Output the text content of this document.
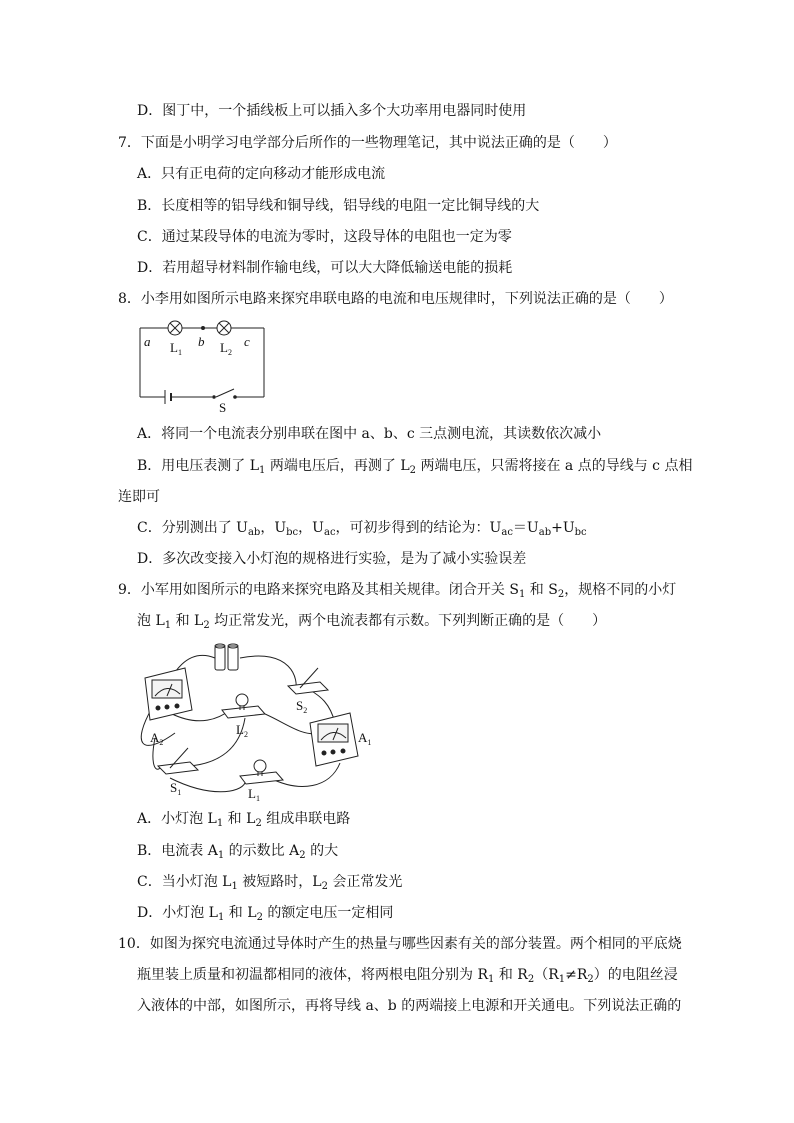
D．图丁中，一个插线板上可以插入多个大功率用电器同时使用
7．下面是小明学习电学部分后所作的一些物理笔记，其中说法正确的是（　　）
A．只有正电荷的定向移动才能形成电流
B．长度相等的铝导线和铜导线，铝导线的电阻一定比铜导线的大
C．通过某段导体的电流为零时，这段导体的电阻也一定为零
D．若用超导材料制作输电线，可以大大降低输送电能的损耗
8．小李用如图所示电路来探究串联电路的电流和电压规律时，下列说法正确的是（　　）
a $L_1$
b $L_2$
c
S
A．将同一个电流表分别串联在图中 a、b、c 三点测电流，其读数依次减小
B．用电压表测了 $L_1$ 两端电压后，再测了 $L_2$ 两端电压，只需将接在 a 点的导线与 c 点相
连即可
C．分别测出了 $U_{ab}$，$U_{bc}$，$U_{ac}$，可初步得到的结论为：$U_{ac}=U_{ab}+U_{bc}$
D．多次改变接入小灯泡的规格进行实验，是为了减小实验误差
9．小军用如图所示的电路来探究电路及其相关规律。闭合开关 $S_1$ 和 $S_2$，规格不同的小灯
泡 $L_1$ 和 $L_2$ 均正常发光，两个电流表都有示数。下列判断正确的是（　　）
$A_2$	$A_1$
$L_2$
$S_2$
$S_1$	$L_1$
A．小灯泡 $L_1$ 和 $L_2$ 组成串联电路
B．电流表 $A_1$ 的示数比 $A_2$ 的大
C．当小灯泡 $L_1$ 被短路时，$L_2$ 会正常发光
D．小灯泡 $L_1$ 和 $L_2$ 的额定电压一定相同
10．如图为探究电流通过导体时产生的热量与哪些因素有关的部分装置。两个相同的平底烧
瓶里装上质量和初温都相同的液体，将两根电阻分别为 $R_1$ 和 $R_2(R_1\ne R_2)$的电阻丝浸
入液体的中部，如图所示，再将导线 a、b 的两端接上电源和开关通电。下列说法正确的
